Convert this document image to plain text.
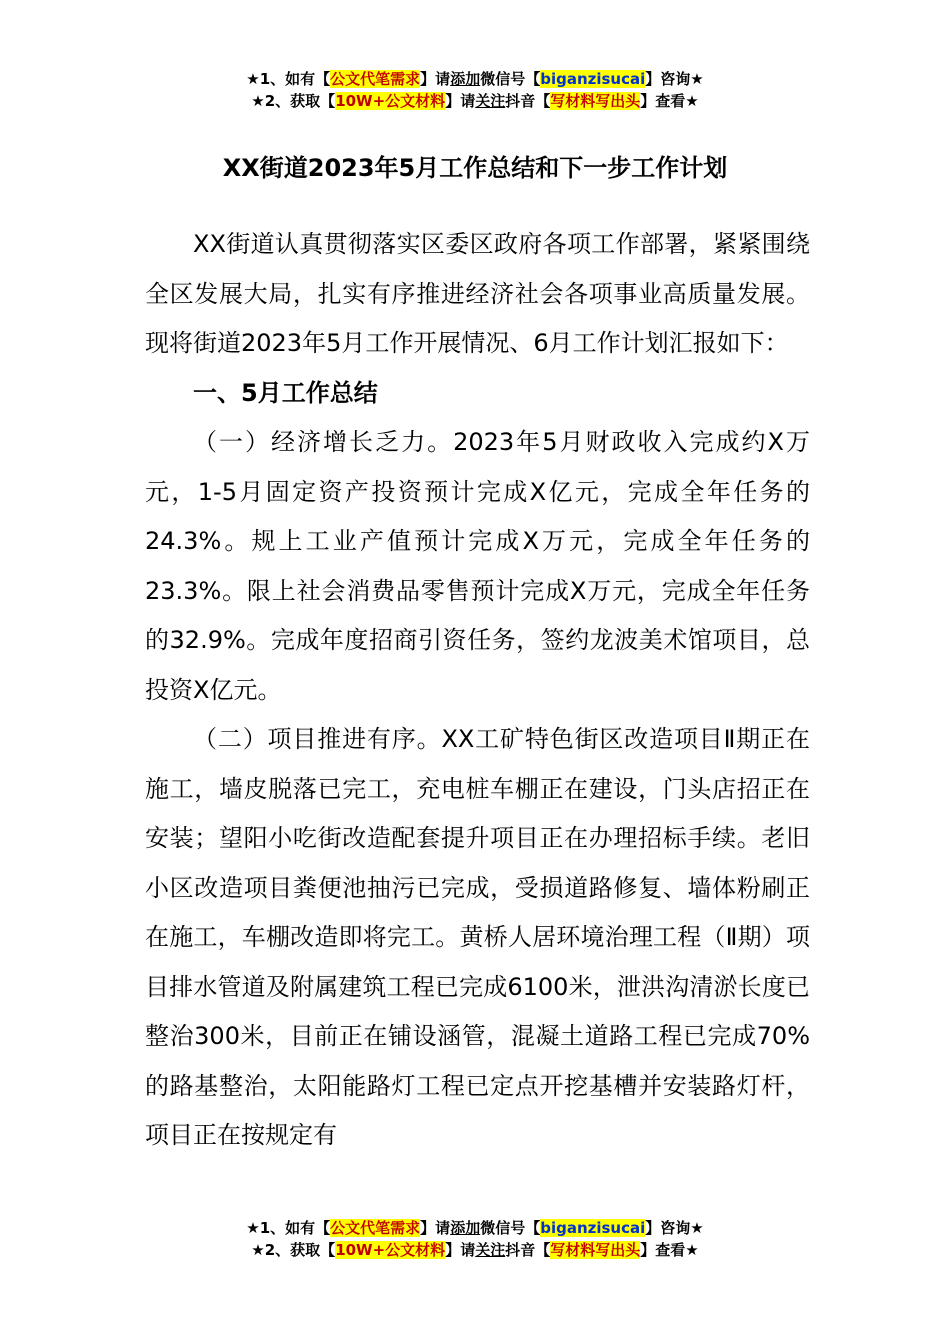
★1、如有【公文代笔需求】请添加微信号【biganzisucai】咨询★
★2、获取【10W+公文材料】请关注抖音【写材料写出头】查看★
XX街道2023年5月工作总结和下一步工作计划

XX街道认真贯彻落实区委区政府各项工作部署，紧紧围绕全区发展大局，扎实有序推进经济社会各项事业高质量发展。现将街道2023年5月工作开展情况、6月工作计划汇报如下：

一、5月工作总结

（一）经济增长乏力。2023年5月财政收入完成约X万元，1-5月固定资产投资预计完成X亿元，完成全年任务的24.3%。规上工业产值预计完成X万元，完成全年任务的23.3%。限上社会消费品零售预计完成X万元，完成全年任务的32.9%。完成年度招商引资任务，签约龙波美术馆项目，总投资X亿元。

（二）项目推进有序。XX工矿特色街区改造项目Ⅱ期正在施工，墙皮脱落已完工，充电桩车棚正在建设，门头店招正在安装；望阳小吃街改造配套提升项目正在办理招标手续。老旧小区改造项目粪便池抽污已完成，受损道路修复、墙体粉刷正在施工，车棚改造即将完工。黄桥人居环境治理工程（Ⅱ期）项目排水管道及附属建筑工程已完成6100米，泄洪沟清淤长度已整治300米，目前正在铺设涵管，混凝土道路工程已完成70%的路基整治，太阳能路灯工程已定点开挖基槽并安装路灯杆，项目正在按规定有

★1、如有【公文代笔需求】请添加微信号【biganzisucai】咨询★
★2、获取【10W+公文材料】请关注抖音【写材料写出头】查看★
